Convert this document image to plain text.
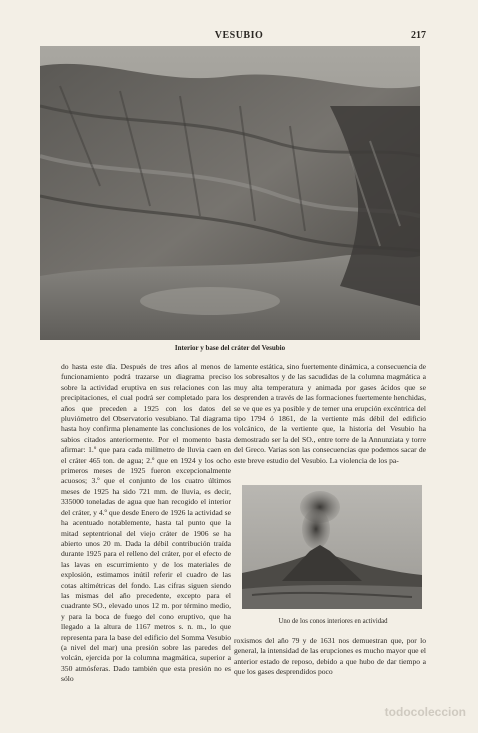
VESUBIO	217
Interior y base del cráter del Vesubio

do hasta este día. Después de tres años al menos de funcionamiento podrá trazarse un diagrama preciso sobre la actividad eruptiva en sus relaciones con las precipitaciones, el cual podrá ser completado para los años que preceden a 1925 con los datos del pluviómetro del Observatorio vesubiano. Tal diagrama hasta hoy confirma plenamente las conclusiones de los sabios citados anteriormente. Por el momento basta afirmar: 1.º que para cada milímetro de lluvia caen en el cráter 465 ton. de agua; 2.º que en 1924 y los ocho primeros meses de 1925 fueron excepcionalmente acuosos; 3.º que el conjunto de los cuatro últimos meses de 1925 ha sido 721 mm. de lluvia, es decir, 335000 toneladas de agua que han recogido el interior del cráter, y 4.º que desde Enero de 1926 la actividad se ha acentuado notablemente, hasta tal punto que la mitad septentrional del viejo cráter de 1906 se ha abierto unos 20 m. Dada la débil contribución traída durante 1925 para el relleno del cráter, por el efecto de las lavas en escurrimiento y de los materiales de explosión, estimamos inútil referir el cuadro de las cotas altimétricas del fondo. Las cifras siguen siendo las mismas del año precedente, excepto para el cuadrante SO., elevado unos 12 m. por término medio, y para la boca de fuego del cono eruptivo, que ha llegado a la altura de 1167 metros s. n. m., lo que representa para la base del edificio del Somma Vesubio (a nivel del mar) una presión sobre las paredes del volcán, ejercida por la columna magmática, superior a 350 atmósferas. Dado también que esta presión no es sólo

lamente estática, sino fuertemente dinámica, a consecuencia de los sobresaltos y de las sacudidas de la columna magmática a muy alta temperatura y animada por gases ácidos que se desprenden a través de las formaciones fuertemente henchidas, se ve que es ya posible y de temer una erupción excéntrica del tipo 1794 ó 1861, de la vertiente más débil del edificio volcánico, de la vertiente que, la historia del Vesubio ha demostrado ser la del SO., entre torre de la Annunziata y torre del Greco. Varias son las consecuencias que podemos sacar de este breve estudio del Vesubio. La violencia de los pa-

Uno de los conos interiores en actividad

roxismos del año 79 y de 1631 nos demuestran que, por lo general, la intensidad de las erupciones es mucho mayor que el anterior estado de reposo, debido a que hubo de dar tiempo a que los gases desprendidos poco

todocoleccion
